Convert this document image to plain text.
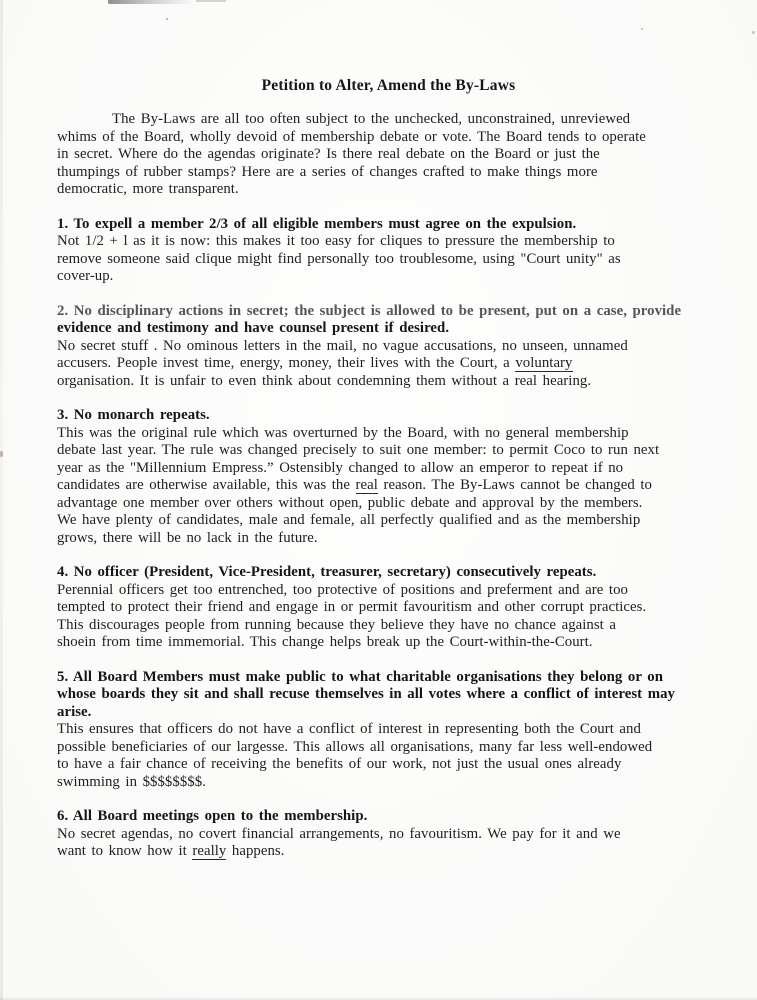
Petition to Alter, Amend the By-Laws
The By-Laws are all too often subject to the unchecked, unconstrained, unreviewed
whims of the Board, wholly devoid of membership debate or vote. The Board tends to operate
in secret. Where do the agendas originate? Is there real debate on the Board or just the
thumpings of rubber stamps? Here are a series of changes crafted to make things more
democratic, more transparent.
1. To expell a member 2/3 of all eligible members must agree on the expulsion.
Not 1/2 + l as it is now: this makes it too easy for cliques to pressure the membership to
remove someone said clique might find personally too troublesome, using "Court unity" as
cover-up.
2. No disciplinary actions in secret; the subject is allowed to be present, put on a case, provide
evidence and testimony and have counsel present if desired.
No secret stuff . No ominous letters in the mail, no vague accusations, no unseen, unnamed
accusers. People invest time, energy, money, their lives with the Court, a voluntary
organisation. It is unfair to even think about condemning them without a real hearing.
3. No monarch repeats.
This was the original rule which was overturned by the Board, with no general membership
debate last year. The rule was changed precisely to suit one member: to permit Coco to run next
year as the "Millennium Empress.” Ostensibly changed to allow an emperor to repeat if no
candidates are otherwise available, this was the real reason. The By-Laws cannot be changed to
advantage one member over others without open, public debate and approval by the members.
We have plenty of candidates, male and female, all perfectly qualified and as the membership
grows, there will be no lack in the future.
4. No officer (President, Vice-President, treasurer, secretary) consecutively repeats.
Perennial officers get too entrenched, too protective of positions and preferment and are too
tempted to protect their friend and engage in or permit favouritism and other corrupt practices.
This discourages people from running because they believe they have no chance against a
shoein from time immemorial. This change helps break up the Court-within-the-Court.
5. All Board Members must make public to what charitable organisations they belong or on
whose boards they sit and shall recuse themselves in all votes where a conflict of interest may
arise.
This ensures that officers do not have a conflict of interest in representing both the Court and
possible beneficiaries of our largesse. This allows all organisations, many far less well-endowed
to have a fair chance of receiving the benefits of our work, not just the usual ones already
swimming in $$$$$$$$.
6. All Board meetings open to the membership.
No secret agendas, no covert financial arrangements, no favouritism. We pay for it and we
want to know how it really happens.
